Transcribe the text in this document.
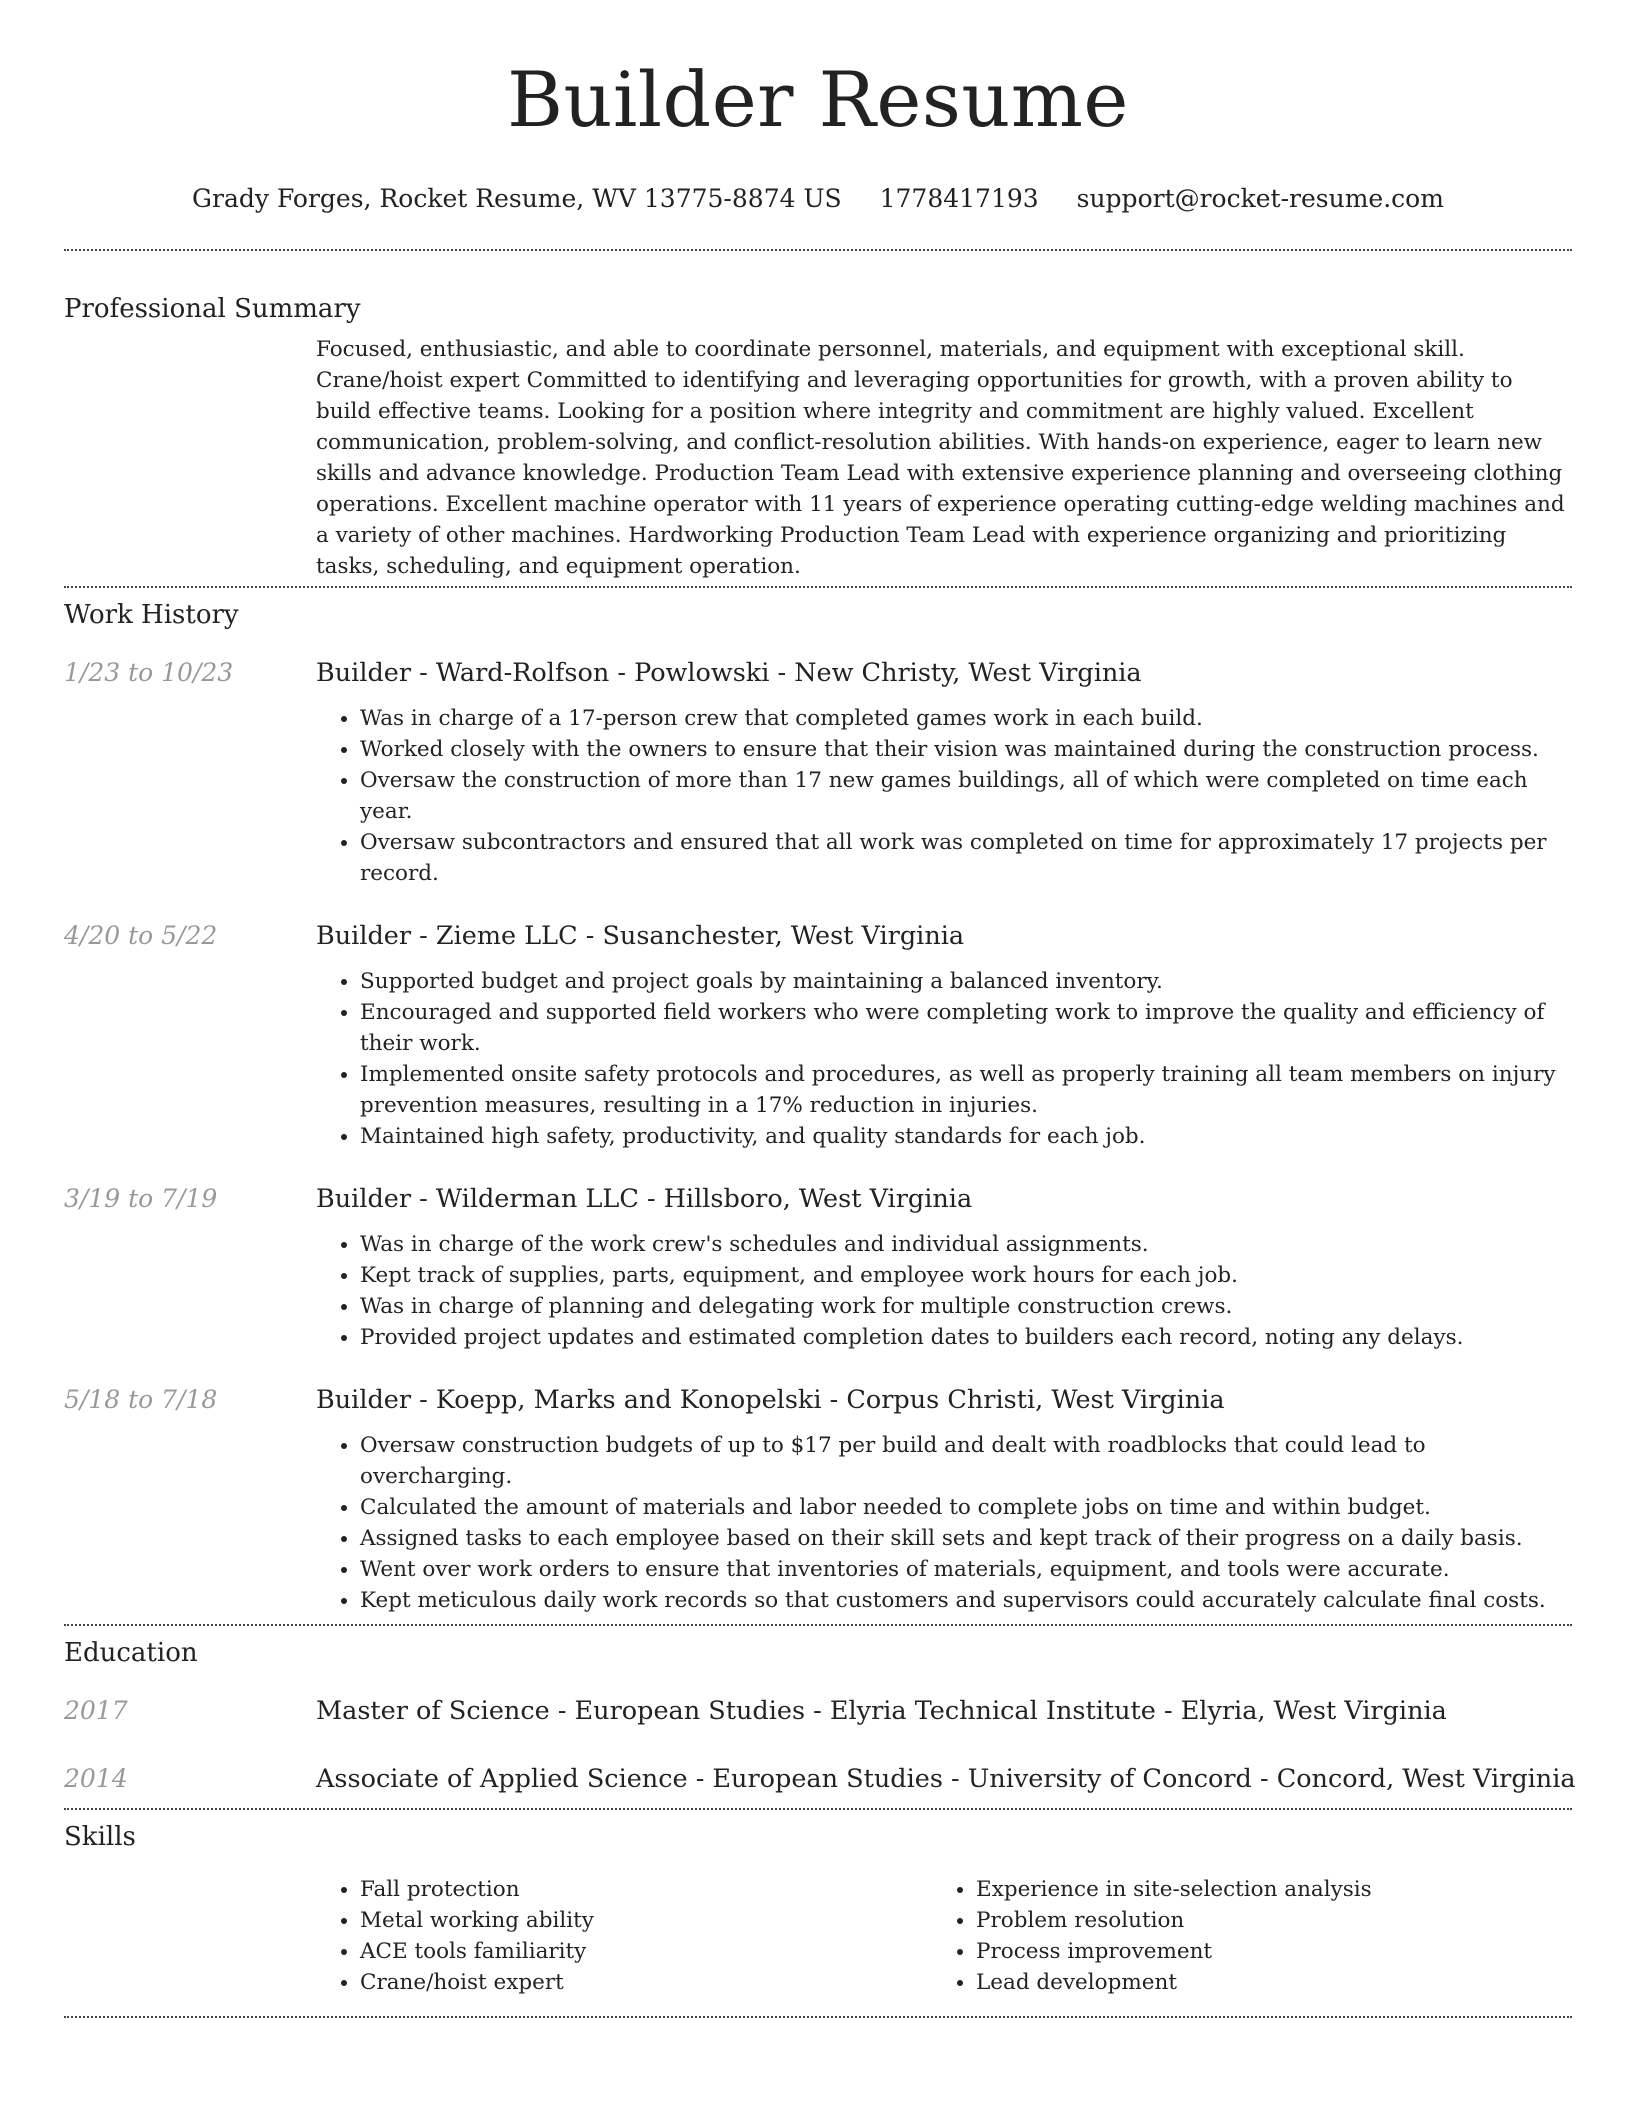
Builder Resume
Grady Forges, Rocket Resume, WV 13775-8874 US 1778417193 support@rocket-resume.com
Professional Summary
Focused, enthusiastic, and able to coordinate personnel, materials, and equipment with exceptional skill. Crane/hoist expert Committed to identifying and leveraging opportunities for growth, with a proven ability to build effective teams. Looking for a position where integrity and commitment are highly valued. Excellent communication, problem-solving, and conflict-resolution abilities. With hands-on experience, eager to learn new skills and advance knowledge. Production Team Lead with extensive experience planning and overseeing clothing operations. Excellent machine operator with 11 years of experience operating cutting-edge welding machines and a variety of other machines. Hardworking Production Team Lead with experience organizing and prioritizing tasks, scheduling, and equipment operation.
Work History
1/23 to 10/23	Builder - Ward-Rolfson - Powlowski - New Christy, West Virginia
• Was in charge of a 17-person crew that completed games work in each build.
• Worked closely with the owners to ensure that their vision was maintained during the construction process.
• Oversaw the construction of more than 17 new games buildings, all of which were completed on time each year.
• Oversaw subcontractors and ensured that all work was completed on time for approximately 17 projects per record.
4/20 to 5/22	Builder - Zieme LLC - Susanchester, West Virginia
• Supported budget and project goals by maintaining a balanced inventory.
• Encouraged and supported field workers who were completing work to improve the quality and efficiency of their work.
• Implemented onsite safety protocols and procedures, as well as properly training all team members on injury prevention measures, resulting in a 17% reduction in injuries.
• Maintained high safety, productivity, and quality standards for each job.
3/19 to 7/19	Builder - Wilderman LLC - Hillsboro, West Virginia
• Was in charge of the work crew's schedules and individual assignments.
• Kept track of supplies, parts, equipment, and employee work hours for each job.
• Was in charge of planning and delegating work for multiple construction crews.
• Provided project updates and estimated completion dates to builders each record, noting any delays.
5/18 to 7/18	Builder - Koepp, Marks and Konopelski - Corpus Christi, West Virginia
• Oversaw construction budgets of up to $17 per build and dealt with roadblocks that could lead to overcharging.
• Calculated the amount of materials and labor needed to complete jobs on time and within budget.
• Assigned tasks to each employee based on their skill sets and kept track of their progress on a daily basis.
• Went over work orders to ensure that inventories of materials, equipment, and tools were accurate.
• Kept meticulous daily work records so that customers and supervisors could accurately calculate final costs.
Education
2017	Master of Science - European Studies - Elyria Technical Institute - Elyria, West Virginia
2014	Associate of Applied Science - European Studies - University of Concord - Concord, West Virginia
Skills
• Fall protection
• Metal working ability
• ACE tools familiarity
• Crane/hoist expert
• Experience in site-selection analysis
• Problem resolution
• Process improvement
• Lead development
